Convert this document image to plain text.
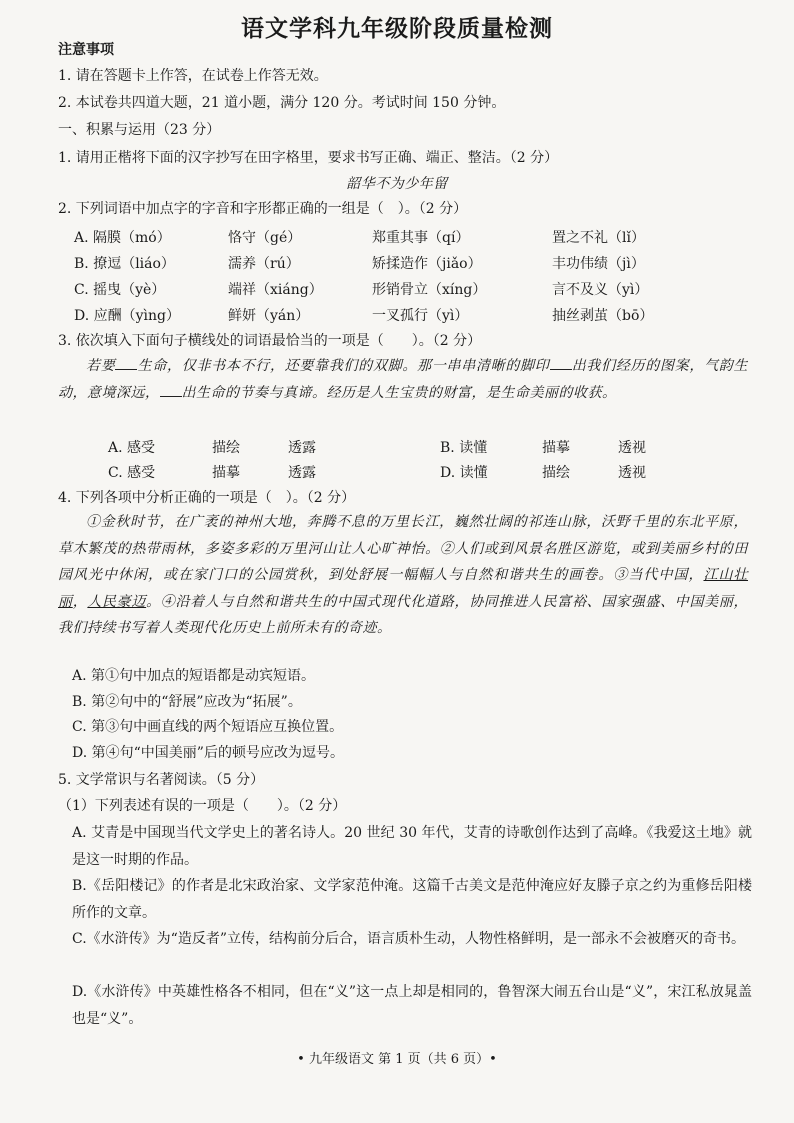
语文学科九年级阶段质量检测
注意事项
1. 请在答题卡上作答，在试卷上作答无效。
2. 本试卷共四道大题，21 道小题，满分 120 分。考试时间 150 分钟。
一、积累与运用（23 分）
1. 请用正楷将下面的汉字抄写在田字格里，要求书写正确、端正、整洁。（2 分）
韶华不为少年留
2. 下列词语中加点字的字音和字形都正确的一组是（　）。（2 分）
A. 隔膜（mó）	恪守（gé）	郑重其事（qí）	置之不礼（lǐ）
B. 撩逗（liáo）	濡养（rú）	矫揉造作（jiǎo）	丰功伟绩（jì）
C. 摇曳（yè）	端祥（xiáng）	形销骨立（xíng）	言不及义（yì）
D. 应酬（yìng）	鲜妍（yán）	一叉孤行（yì）	抽丝剥茧（bō）
3. 依次填入下面句子横线处的词语最恰当的一项是（　　）。（2 分）
若要 生命，仅非书本不行，还要靠我们的双脚。那一串串清晰的脚印 出我们经历的图案，气韵生动，意境深远， 出生命的节奏与真谛。经历是人生宝贵的财富，是生命美丽的收获。
A. 感受	描绘	透露	B. 读懂	描摹	透视
C. 感受	描摹	透露	D. 读懂	描绘	透视
4. 下列各项中分析正确的一项是（　）。（2 分）
①金秋时节，在广袤的神州大地，奔腾不息的万里长江，巍然壮阔的祁连山脉，沃野千里的东北平原，草木繁茂的热带雨林，多姿多彩的万里河山让人心旷神怡。②人们或到风景名胜区游览，或到美丽乡村的田园风光中休闲，或在家门口的公园赏秋，到处舒展一幅幅人与自然和谐共生的画卷。③当代中国，江山壮丽，人民豪迈。④沿着人与自然和谐共生的中国式现代化道路，协同推进人民富裕、国家强盛、中国美丽，我们持续书写着人类现代化历史上前所未有的奇迹。
A. 第①句中加点的短语都是动宾短语。
B. 第②句中的“舒展”应改为“拓展”。
C. 第③句中画直线的两个短语应互换位置。
D. 第④句“中国美丽”后的顿号应改为逗号。
5. 文学常识与名著阅读。（5 分）
（1）下列表述有误的一项是（　　）。（2 分）
A. 艾青是中国现当代文学史上的著名诗人。20 世纪 30 年代，艾青的诗歌创作达到了高峰。《我爱这土地》就是这一时期的作品。
B.《岳阳楼记》的作者是北宋政治家、文学家范仲淹。这篇千古美文是范仲淹应好友滕子京之约为重修岳阳楼所作的文章。
C.《水浒传》为“造反者”立传，结构前分后合，语言质朴生动，人物性格鲜明，是一部永不会被磨灭的奇书。
D.《水浒传》中英雄性格各不相同，但在“义”这一点上却是相同的，鲁智深大闹五台山是“义”，宋江私放晁盖也是“义”。
• 九年级语文 第 1 页（共 6 页）•
